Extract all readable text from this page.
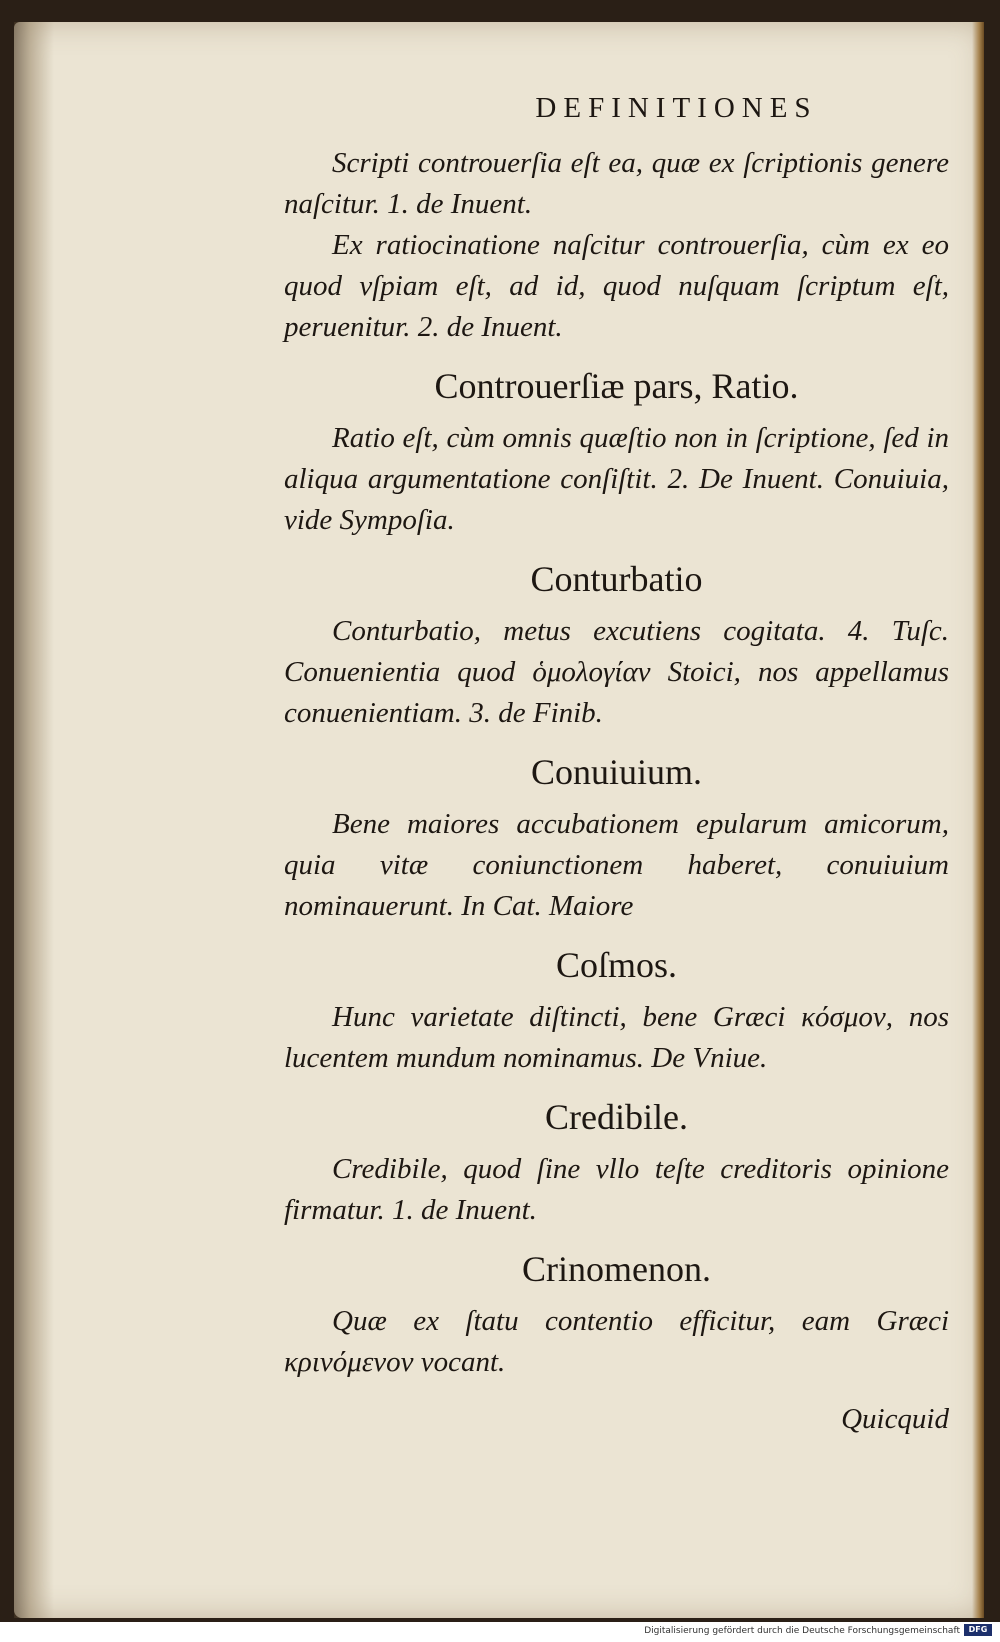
DEFINITIONES

Scripti controuerſia eſt ea, quæ ex ſcriptionis genere naſcitur. 1. de Inuent.

Ex ratiocinatione naſcitur controuerſia, cùm ex eo quod vſpiam eſt, ad id, quod nuſquam ſcriptum eſt, peruenitur. 2. de Inuent.

Controuerſiæ pars, Ratio.

Ratio eſt, cùm omnis quæſtio non in ſcriptione, ſed in aliqua argumentatione conſiſtit. 2. De Inuent. Conuiuia, vide Sympoſia.

Conturbatio

Conturbatio, metus excutiens cogitata. 4. Tuſc. Conuenientia quod ὁμολογίαν Stoici, nos appellamus conuenientiam. 3. de Finib.

Conuiuium.

Bene maiores accubationem epularum amicorum, quia vitæ coniunctionem haberet, conuiuium nominauerunt. In Cat. Maiore

Coſmos.

Hunc varietate diſtincti, bene Græci κόσμον, nos lucentem mundum nominamus. De Vniue.

Credibile.

Credibile, quod ſine vllo teſte creditoris opinione firmatur. 1. de Inuent.

Crinomenon.

Quæ ex ſtatu contentio efficitur, eam Græci κρινόμενον vocant.

Quicquid
Digitalisierung gefördert durch die Deutsche Forschungsgemeinschaft	DFG
